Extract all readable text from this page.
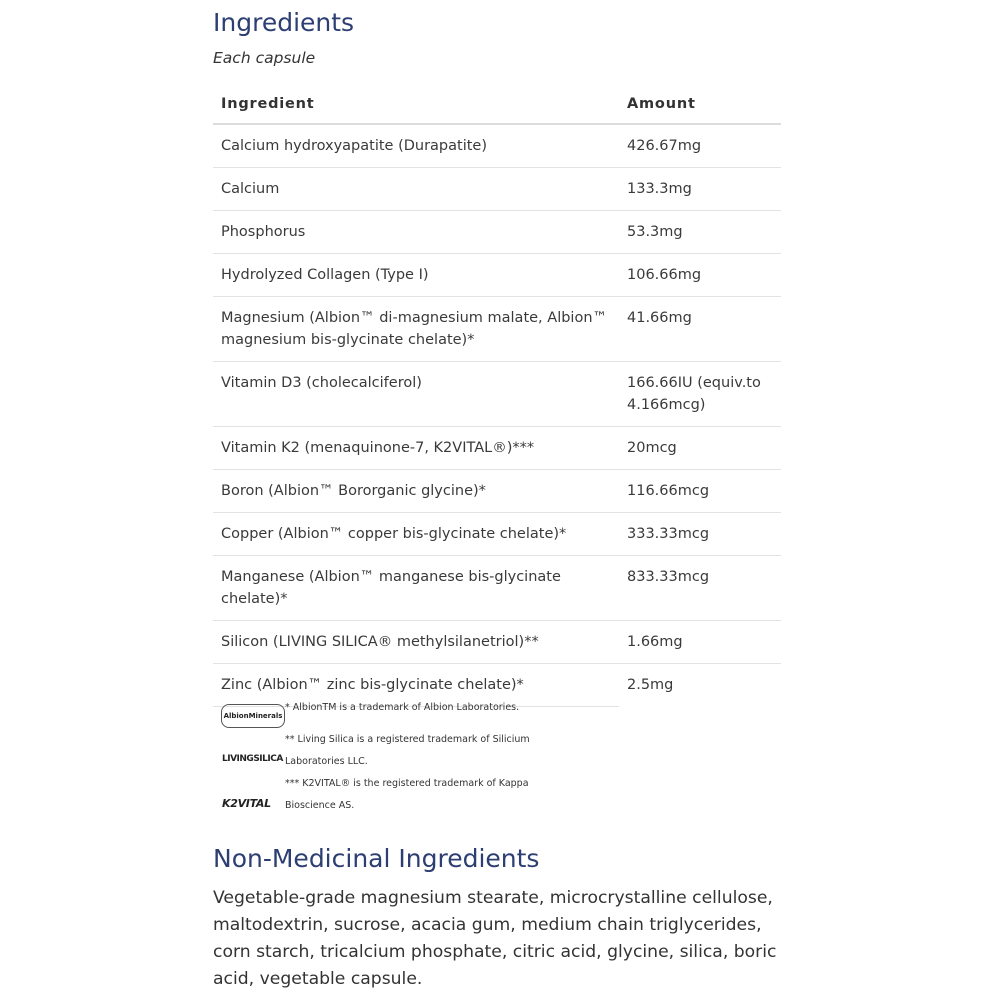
Ingredients
Each capsule
Ingredient	Amount
Calcium hydroxyapatite (Durapatite)	426.67mg
Calcium	133.3mg
Phosphorus	53.3mg
Hydrolyzed Collagen (Type I)	106.66mg
Magnesium (Albion™ di-magnesium malate, Albion™ magnesium bis-glycinate chelate)*	41.66mg
Vitamin D3 (cholecalciferol)	166.66IU (equiv.to 4.166mcg)
Vitamin K2 (menaquinone-7, K2VITAL®)***	20mcg
Boron (Albion™ Bororganic glycine)*	116.66mcg
Copper (Albion™ copper bis-glycinate chelate)*	333.33mcg
Manganese (Albion™ manganese bis-glycinate chelate)*	833.33mcg
Silicon (LIVING SILICA® methylsilanetriol)**	1.66mg
Zinc (Albion™ zinc bis-glycinate chelate)*	2.5mg
AlbionMinerals
LIVINGSILICA
K2VITAL
* AlbionTM is a trademark of Albion Laboratories.
** Living Silica is a registered trademark of Silicium
Laboratories LLC.
*** K2VITAL® is the registered trademark of Kappa
Bioscience AS.
Non-Medicinal Ingredients
Vegetable-grade magnesium stearate, microcrystalline cellulose, maltodextrin, sucrose, acacia gum, medium chain triglycerides, corn starch, tricalcium phosphate, citric acid, glycine, silica, boric acid, vegetable capsule.
